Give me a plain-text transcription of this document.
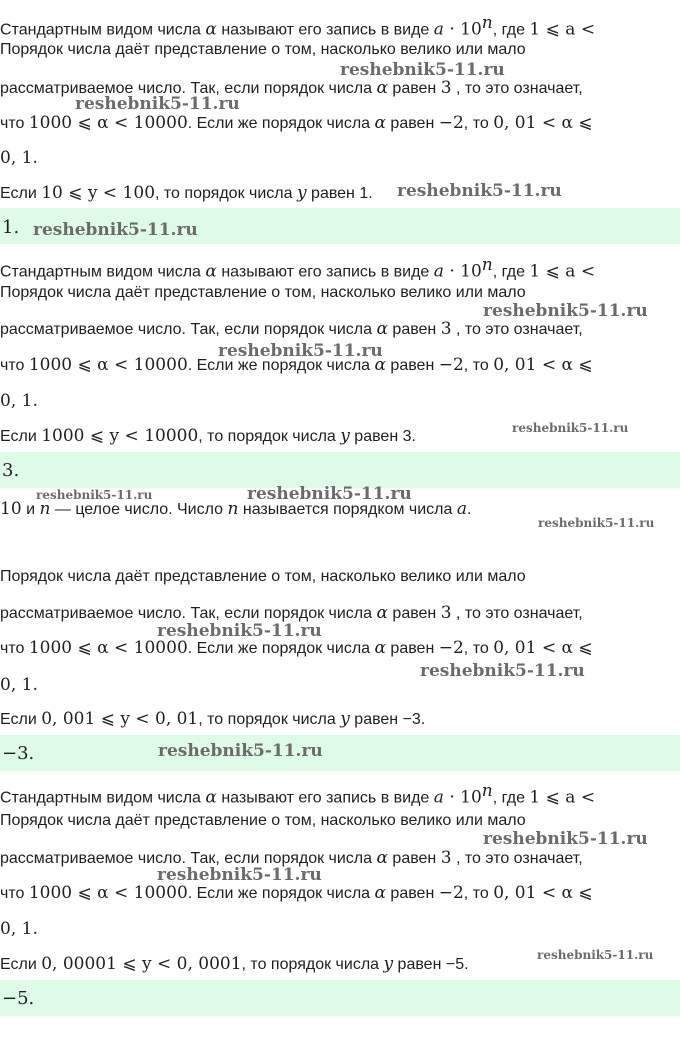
Стандартным видом числа α называют его запись в виде $a \cdot 10^n$, где 1 ⩽ a <
Порядок числа даёт представление о том, насколько велико или мало
рассматриваемое число. Так, если порядок числа α равен 3 , то это означает,
что 1000 ⩽ α < 10000. Если же порядок числа α равен −2, то 0, 01 < α ⩽
0, 1.
Если 10 ⩽ y < 100, то порядок числа y равен 1.
1.
Стандартным видом числа α называют его запись в виде $a \cdot 10^n$, где 1 ⩽ a <
Порядок числа даёт представление о том, насколько велико или мало
рассматриваемое число. Так, если порядок числа α равен 3 , то это означает,
что 1000 ⩽ α < 10000. Если же порядок числа α равен −2, то 0, 01 < α ⩽
0, 1.
Если 1000 ⩽ y < 10000, то порядок числа y равен 3.
3.
10 и n — целое число. Число n называется порядком числа a.
Порядок числа даёт представление о том, насколько велико или мало
рассматриваемое число. Так, если порядок числа α равен 3 , то это означает,
что 1000 ⩽ α < 10000. Если же порядок числа α равен −2, то 0, 01 < α ⩽
0, 1.
Если 0, 001 ⩽ y < 0, 01, то порядок числа y равен −3.
−3.
Стандартным видом числа α называют его запись в виде $a \cdot 10^n$, где 1 ⩽ a <
Порядок числа даёт представление о том, насколько велико или мало
рассматриваемое число. Так, если порядок числа α равен 3 , то это означает,
что 1000 ⩽ α < 10000. Если же порядок числа α равен −2, то 0, 01 < α ⩽
0, 1.
Если 0, 00001 ⩽ y < 0, 0001, то порядок числа y равен −5.
−5.
reshebnik5-11.ru
reshebnik5-11.ru
reshebnik5-11.ru
reshebnik5-11.ru
reshebnik5-11.ru
reshebnik5-11.ru
reshebnik5-11.ru
reshebnik5-11.ru	reshebnik5-11.ru
reshebnik5-11.ru
reshebnik5-11.ru
reshebnik5-11.ru
reshebnik5-11.ru
reshebnik5-11.ru
reshebnik5-11.ru
reshebnik5-11.ru
